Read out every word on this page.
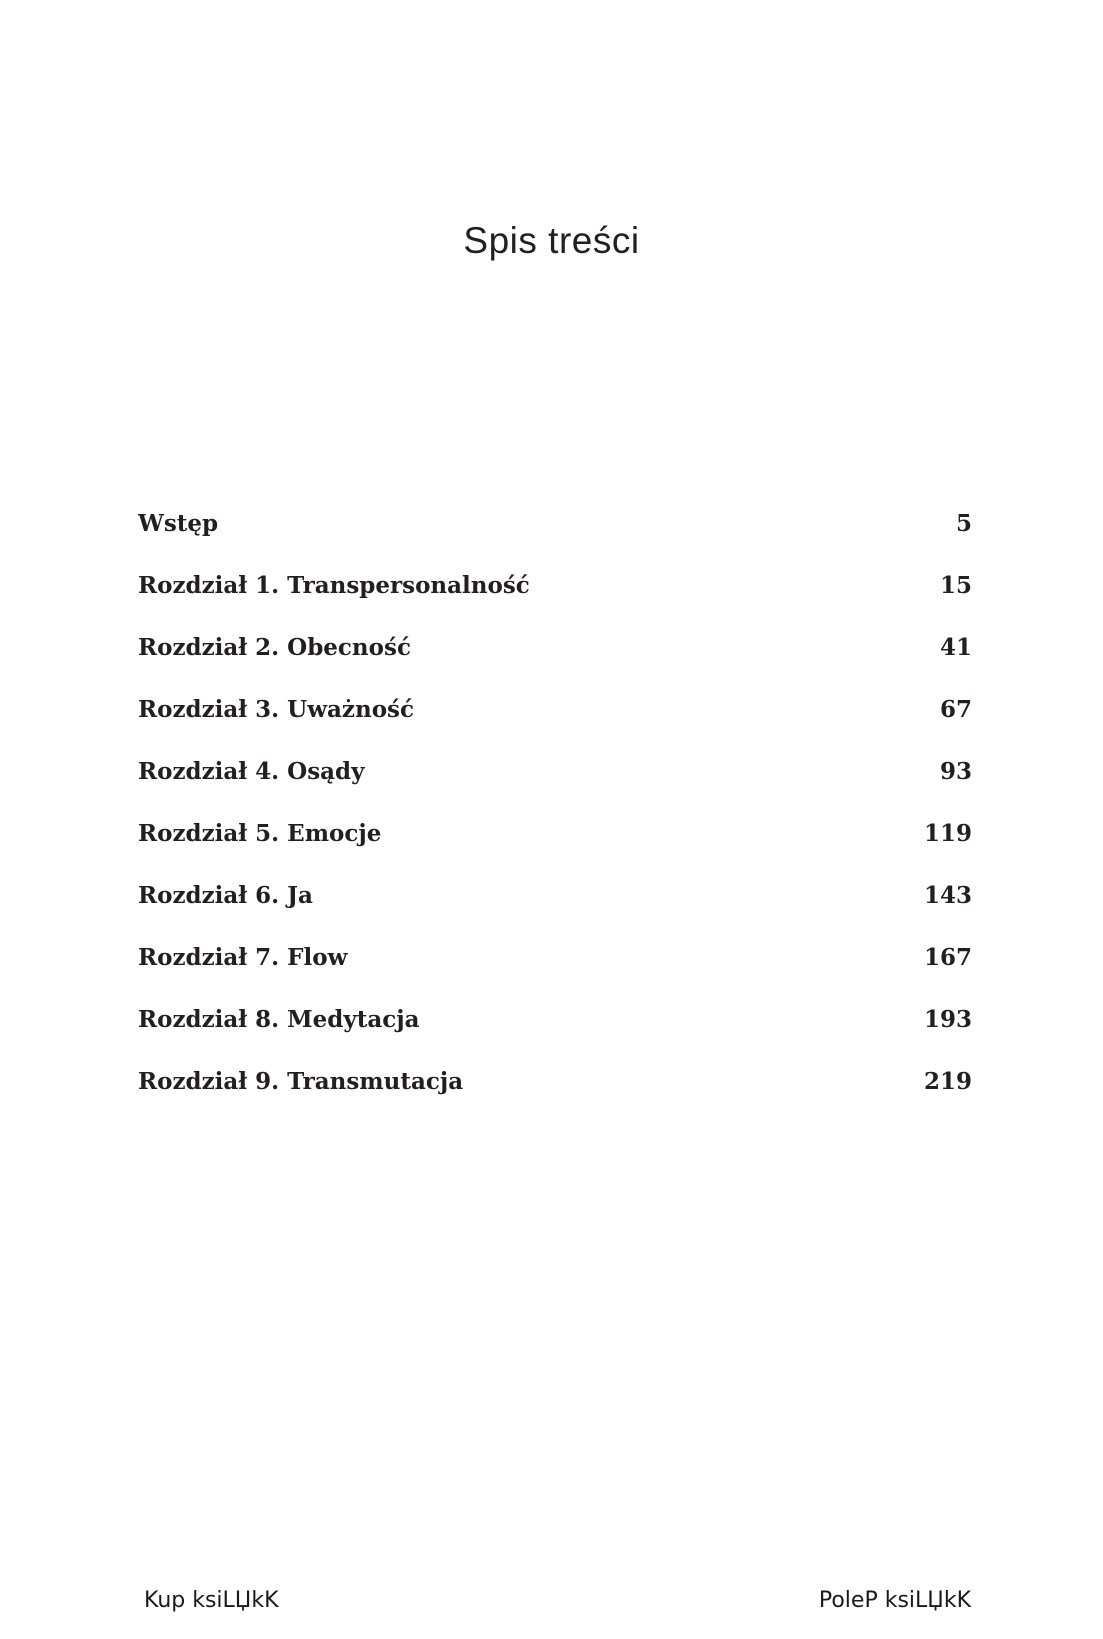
Spis treści
Wstęp	5
Rozdział 1. Transpersonalność	15
Rozdział 2. Obecność	41
Rozdział 3. Uważność	67
Rozdział 4. Osądy	93
Rozdział 5. Emocje	119
Rozdział 6. Ja	143
Rozdział 7. Flow	167
Rozdział 8. Medytacja	193
Rozdział 9. Transmutacja	219
Kup ksiLЏkK	PoleP ksiLЏkK
